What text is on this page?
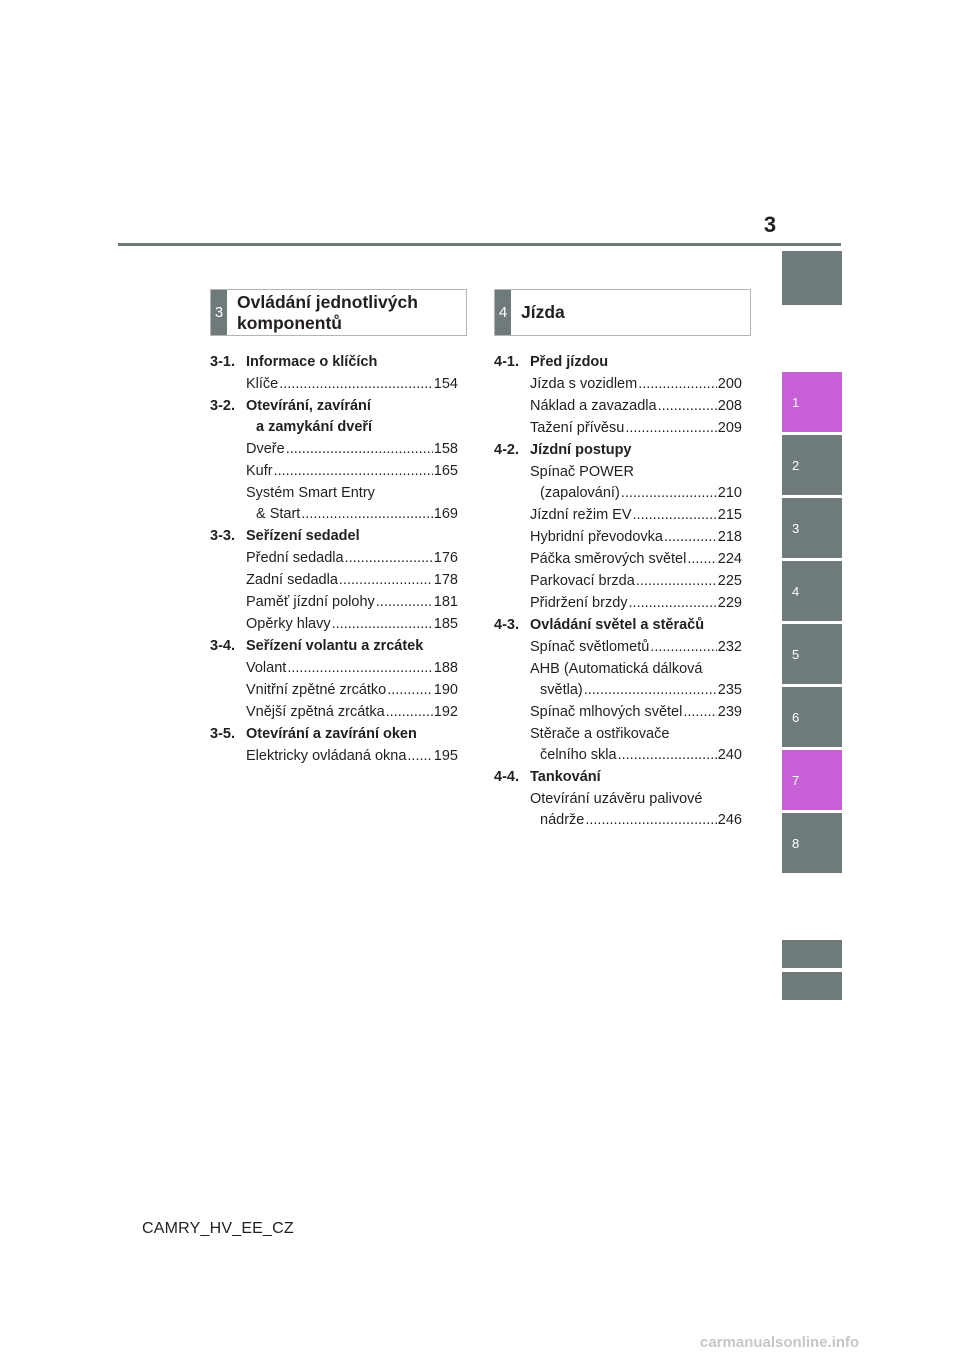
3
1
2
3
4
5
6
7
8
3
Ovládání jednotlivých
komponentů	4 Jízda
3-1. Informace o klíčích
Klíče .....	154
3-2. Otevírání, zavírání
a zamykání dveří
Dveře .....	158
Kufr .....	165
Systém Smart Entry
& Start .....	169
3-3. Seřízení sedadel
Přední sedadla .....	176
Zadní sedadla .....	178
Paměť jízdní polohy .....	181
Opěrky hlavy .....	185
3-4. Seřízení volantu a zrcátek
Volant .....	188
Vnitřní zpětné zrcátko .....	190
Vnější zpětná zrcátka .....	192
3-5. Otevírání a zavírání oken
Elektricky ovládaná okna ..... 195
4-1. Před jízdou
Jízda s vozidlem .....	200
Náklad a zavazadla .....	208
Tažení přívěsu .....	209
4-2. Jízdní postupy
Spínač POWER
(zapalování) .....	210
Jízdní režim EV .....	215
Hybridní převodovka .....	218
Páčka směrových světel ..... 224
Parkovací brzda .....	225
Přidržení brzdy .....	229
4-3. Ovládání světel a stěračů
Spínač světlometů .....	232
AHB (Automatická dálková
světla) .....	235
Spínač mlhových světel ..... 239
Stěrače a ostřikovače
čelního skla .....	240
4-4. Tankování
Otevírání uzávěru palivové
nádrže .....	246
CAMRY_HV_EE_CZ
carmanualsonline.info
